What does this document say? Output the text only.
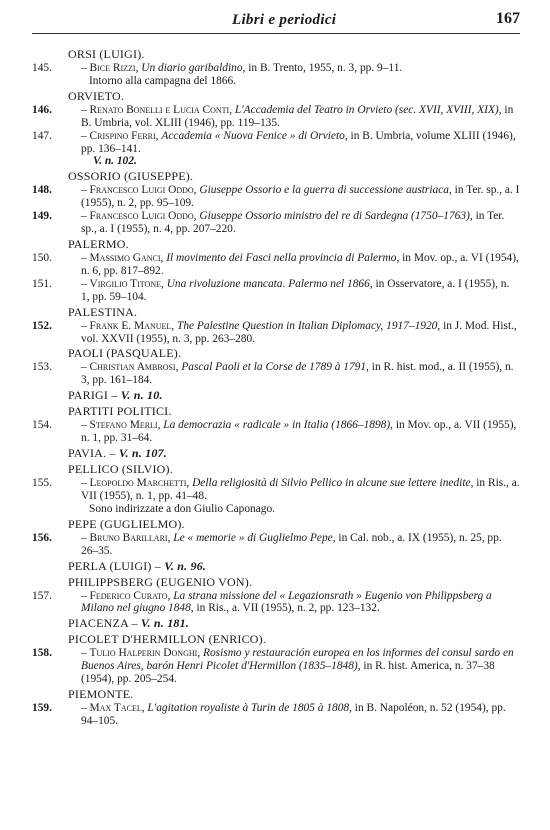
Libri e periodici	167
ORSI (LUIGI).
145.	– Bice Rizzi, Un diario garibaldino, in B. Trento, 1955, n. 3, pp. 9–11.
Intorno alla campagna del 1866.
ORVIETO.
146.	– Renato Bonelli e Lucia Conti, L'Accademia del Teatro in Orvieto (sec. XVII, XVIII, XIX), in B. Umbria, vol. XLIII (1946), pp. 119–135.
147.	– Crispino Ferri, Accademia « Nuova Fenice » di Orvieto, in B. Umbria, volume XLIII (1946), pp. 136–141.
V. n. 102.
OSSORIO (GIUSEPPE).
148.	– Francesco Luigi Oddo, Giuseppe Ossorio e la guerra di successione austriaca, in Ter. sp., a. I (1955), n. 2, pp. 95–109.
149.	– Francesco Luigi Oddo, Giuseppe Ossorio ministro del re di Sardegna (1750–1763), in Ter. sp., a. I (1955), n. 4, pp. 207–220.
PALERMO.
150.	– Massimo Ganci, Il movimento dei Fasci nella provincia di Palermo, in Mov. op., a. VI (1954), n. 6, pp. 817–892.
151.	– Virgilio Titone, Una rivoluzione mancata. Palermo nel 1866, in Osservatore, a. I (1955), n. 1, pp. 59–104.
PALESTINA.
152.	– Frank E. Manuel, The Palestine Question in Italian Diplomacy, 1917–1920, in J. Mod. Hist., vol. XXVII (1955), n. 3, pp. 263–280.
PAOLI (PASQUALE).
153.	– Christian Ambrosi, Pascal Paoli et la Corse de 1789 à 1791, in R. hist. mod., a. II (1955), n. 3, pp. 161–184.
PARIGI – V. n. 10.
PARTITI POLITICI.
154.	– Stefano Merli, La democrazia « radicale » in Italia (1866–1898), in Mov. op., a. VII (1955), n. 1, pp. 31–64.
PAVIA. – V. n. 107.
PELLICO (SILVIO).
155.	– Leopoldo Marchetti, Della religiosità di Silvio Pellico in alcune sue lettere inedite, in Ris., a. VII (1955), n. 1, pp. 41–48.
Sono indirizzate a don Giulio Caponago.
PEPE (GUGLIELMO).
156.	– Bruno Barillari, Le « memorie » di Guglielmo Pepe, in Cal. nob., a. IX (1955), n. 25, pp. 26–35.
PERLA (LUIGI) – V. n. 96.
PHILIPPSBERG (EUGENIO VON).
157.	– Federico Curato, La strana missione del « Legazionsrath » Eugenio von Philippsberg a Milano nel giugno 1848, in Ris., a. VII (1955), n. 2, pp. 123–132.
PIACENZA – V. n. 181.
PICOLET D'HERMILLON (ENRICO).
158.	– Tulio Halperin Donghi, Rosismo y restauración europea en los informes del consul sardo en Buenos Aires, barón Henri Picolet d'Hermillon (1835–1848), in R. hist. America, n. 37–38 (1954), pp. 205–254.
PIEMONTE.
159.	– Max Tacel, L'agitation royaliste à Turin de 1805 à 1808, in B. Napoléon, n. 52 (1954), pp. 94–105.
